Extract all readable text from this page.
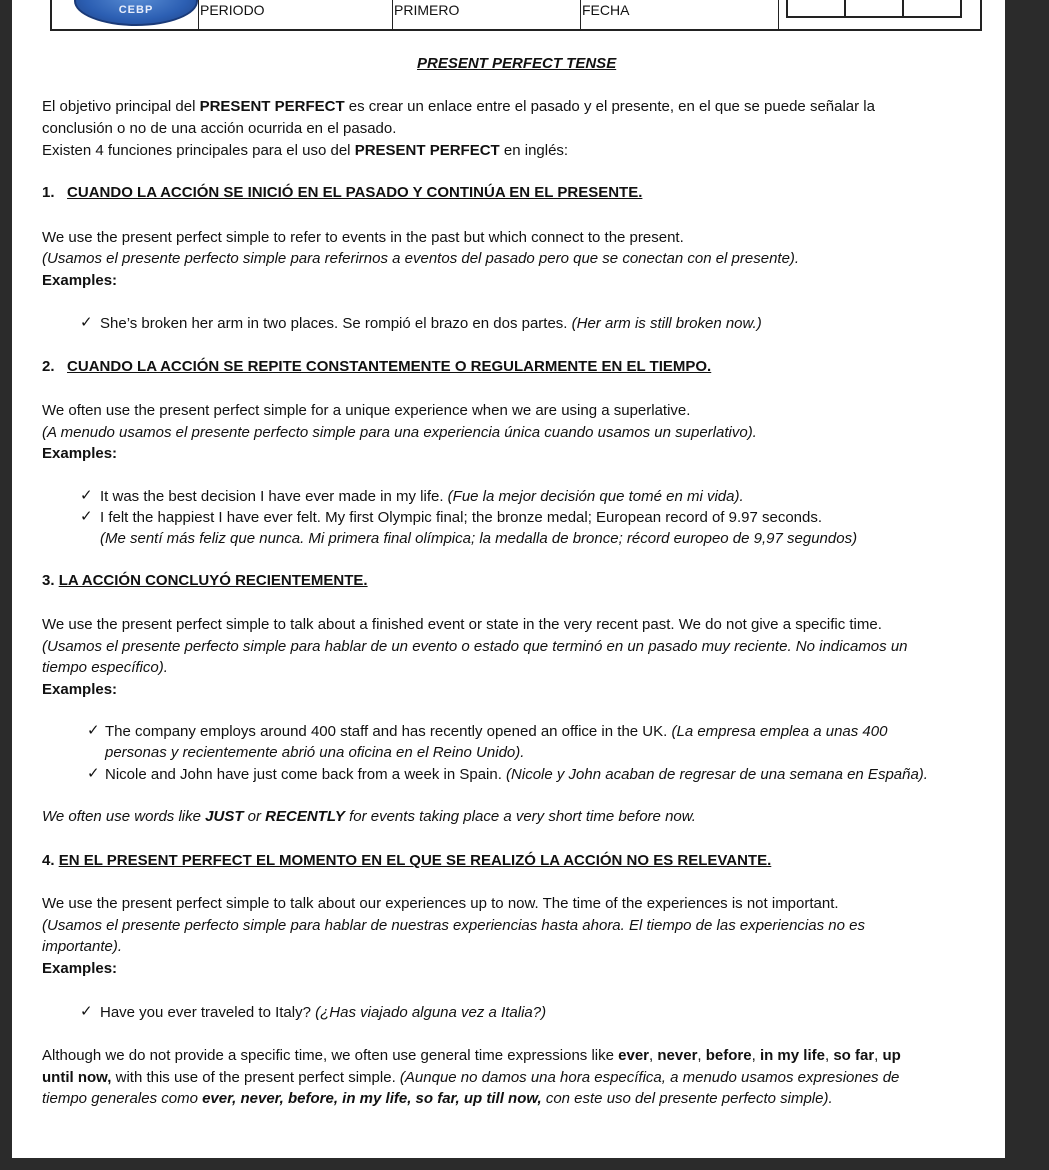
CEBP	PERIODO	PRIMERO	FECHA
PRESENT PERFECT TENSE
El objetivo principal del PRESENT PERFECT es crear un enlace entre el pasado y el presente, en el que se puede señalar la
conclusión o no de una acción ocurrida en el pasado.
Existen 4 funciones principales para el uso del PRESENT PERFECT en inglés:
1. CUANDO LA ACCIÓN SE INICIÓ EN EL PASADO Y CONTINÚA EN EL PRESENTE.
We use the present perfect simple to refer to events in the past but which connect to the present.
(Usamos el presente perfecto simple para referirnos a eventos del pasado pero que se conectan con el presente).
Examples:
✓ She’s broken her arm in two places. Se rompió el brazo en dos partes. (Her arm is still broken now.)
2. CUANDO LA ACCIÓN SE REPITE CONSTANTEMENTE O REGULARMENTE EN EL TIEMPO.
We often use the present perfect simple for a unique experience when we are using a superlative.
(A menudo usamos el presente perfecto simple para una experiencia única cuando usamos un superlativo).
Examples:
✓ It was the best decision I have ever made in my life. (Fue la mejor decisión que tomé en mi vida).
✓ I felt the happiest I have ever felt. My first Olympic final; the bronze medal; European record of 9.97 seconds.
(Me sentí más feliz que nunca. Mi primera final olímpica; la medalla de bronce; récord europeo de 9,97 segundos)
3. LA ACCIÓN CONCLUYÓ RECIENTEMENTE.
We use the present perfect simple to talk about a finished event or state in the very recent past. We do not give a specific time.
(Usamos el presente perfecto simple para hablar de un evento o estado que terminó en un pasado muy reciente. No indicamos un
tiempo específico).
Examples:
✓ The company employs around 400 staff and has recently opened an office in the UK. (La empresa emplea a unas 400
personas y recientemente abrió una oficina en el Reino Unido).
✓ Nicole and John have just come back from a week in Spain. (Nicole y John acaban de regresar de una semana en España).
We often use words like JUST or RECENTLY for events taking place a very short time before now.
4. EN EL PRESENT PERFECT EL MOMENTO EN EL QUE SE REALIZÓ LA ACCIÓN NO ES RELEVANTE.
We use the present perfect simple to talk about our experiences up to now. The time of the experiences is not important.
(Usamos el presente perfecto simple para hablar de nuestras experiencias hasta ahora. El tiempo de las experiencias no es
importante).
Examples:
✓ Have you ever traveled to Italy? (¿Has viajado alguna vez a Italia?)
Although we do not provide a specific time, we often use general time expressions like ever, never, before, in my life, so far, up
until now, with this use of the present perfect simple. (Aunque no damos una hora específica, a menudo usamos expresiones de
tiempo generales como ever, never, before, in my life, so far, up till now, con este uso del presente perfecto simple).
